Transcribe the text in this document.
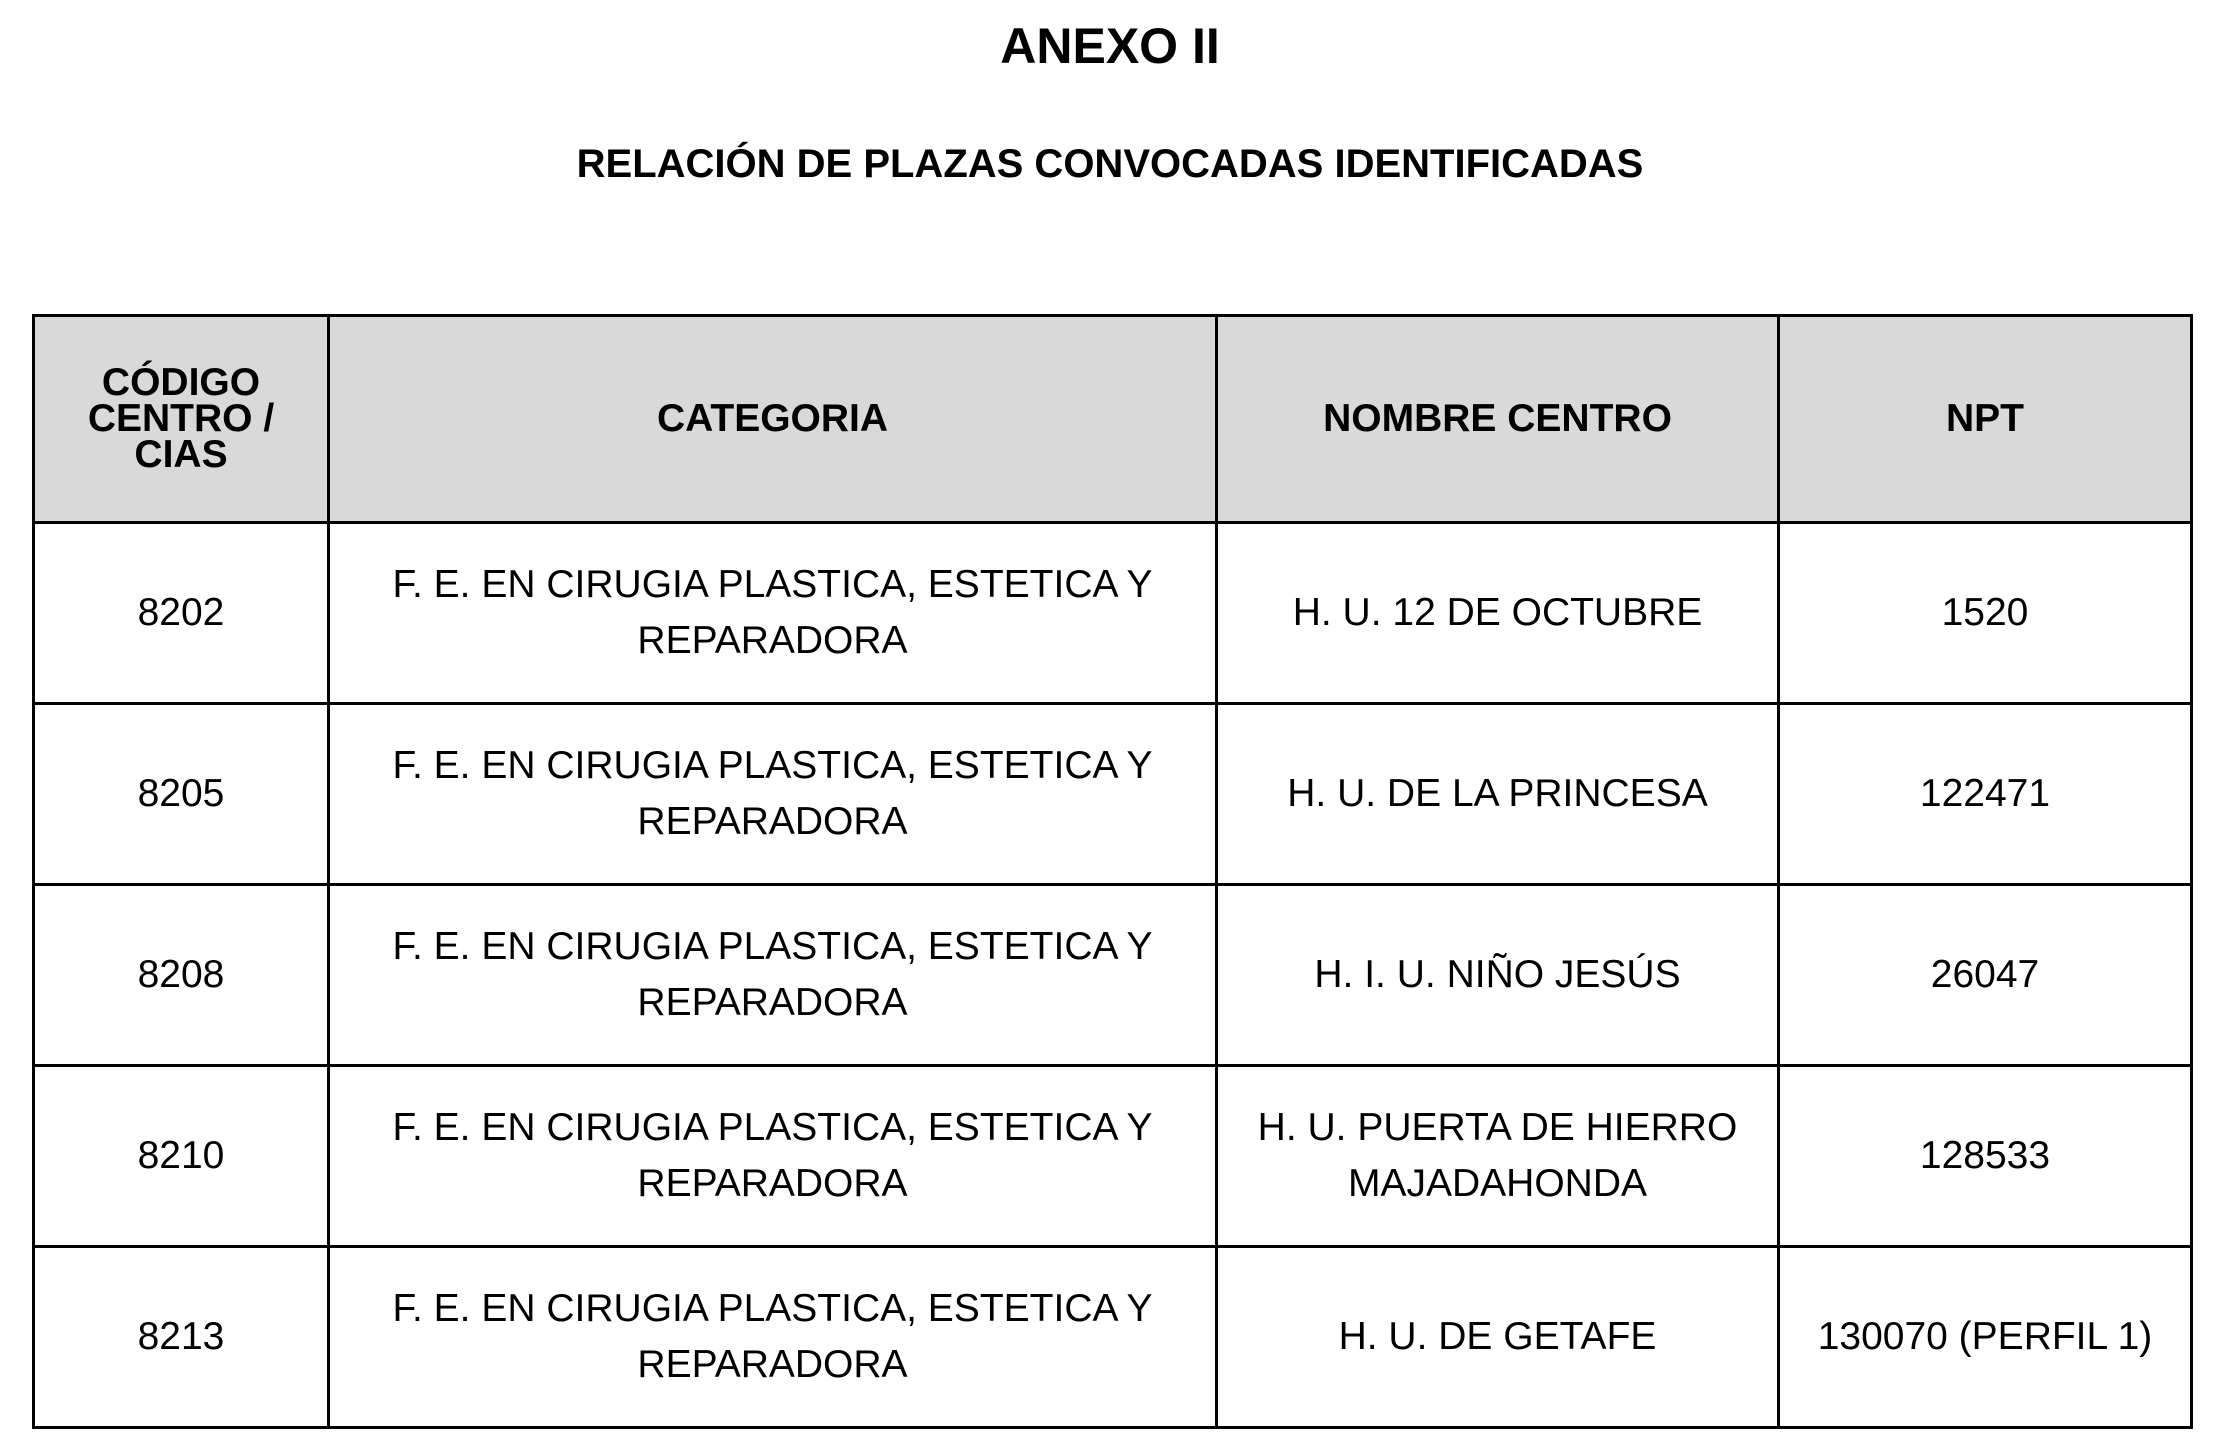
ANEXO II
RELACIÓN DE PLAZAS CONVOCADAS IDENTIFICADAS
CÓDIGO CENTRO / CIAS	CATEGORIA	NOMBRE CENTRO	NPT
8202	F. E. EN CIRUGIA PLASTICA, ESTETICA Y REPARADORA	H. U. 12 DE OCTUBRE	1520
8205	F. E. EN CIRUGIA PLASTICA, ESTETICA Y REPARADORA	H. U. DE LA PRINCESA	122471
8208	F. E. EN CIRUGIA PLASTICA, ESTETICA Y REPARADORA	H. I. U. NIÑO JESÚS	26047
8210	F. E. EN CIRUGIA PLASTICA, ESTETICA Y REPARADORA	H. U. PUERTA DE HIERRO MAJADAHONDA	128533
8213	F. E. EN CIRUGIA PLASTICA, ESTETICA Y REPARADORA	H. U. DE GETAFE	130070 (PERFIL 1)
